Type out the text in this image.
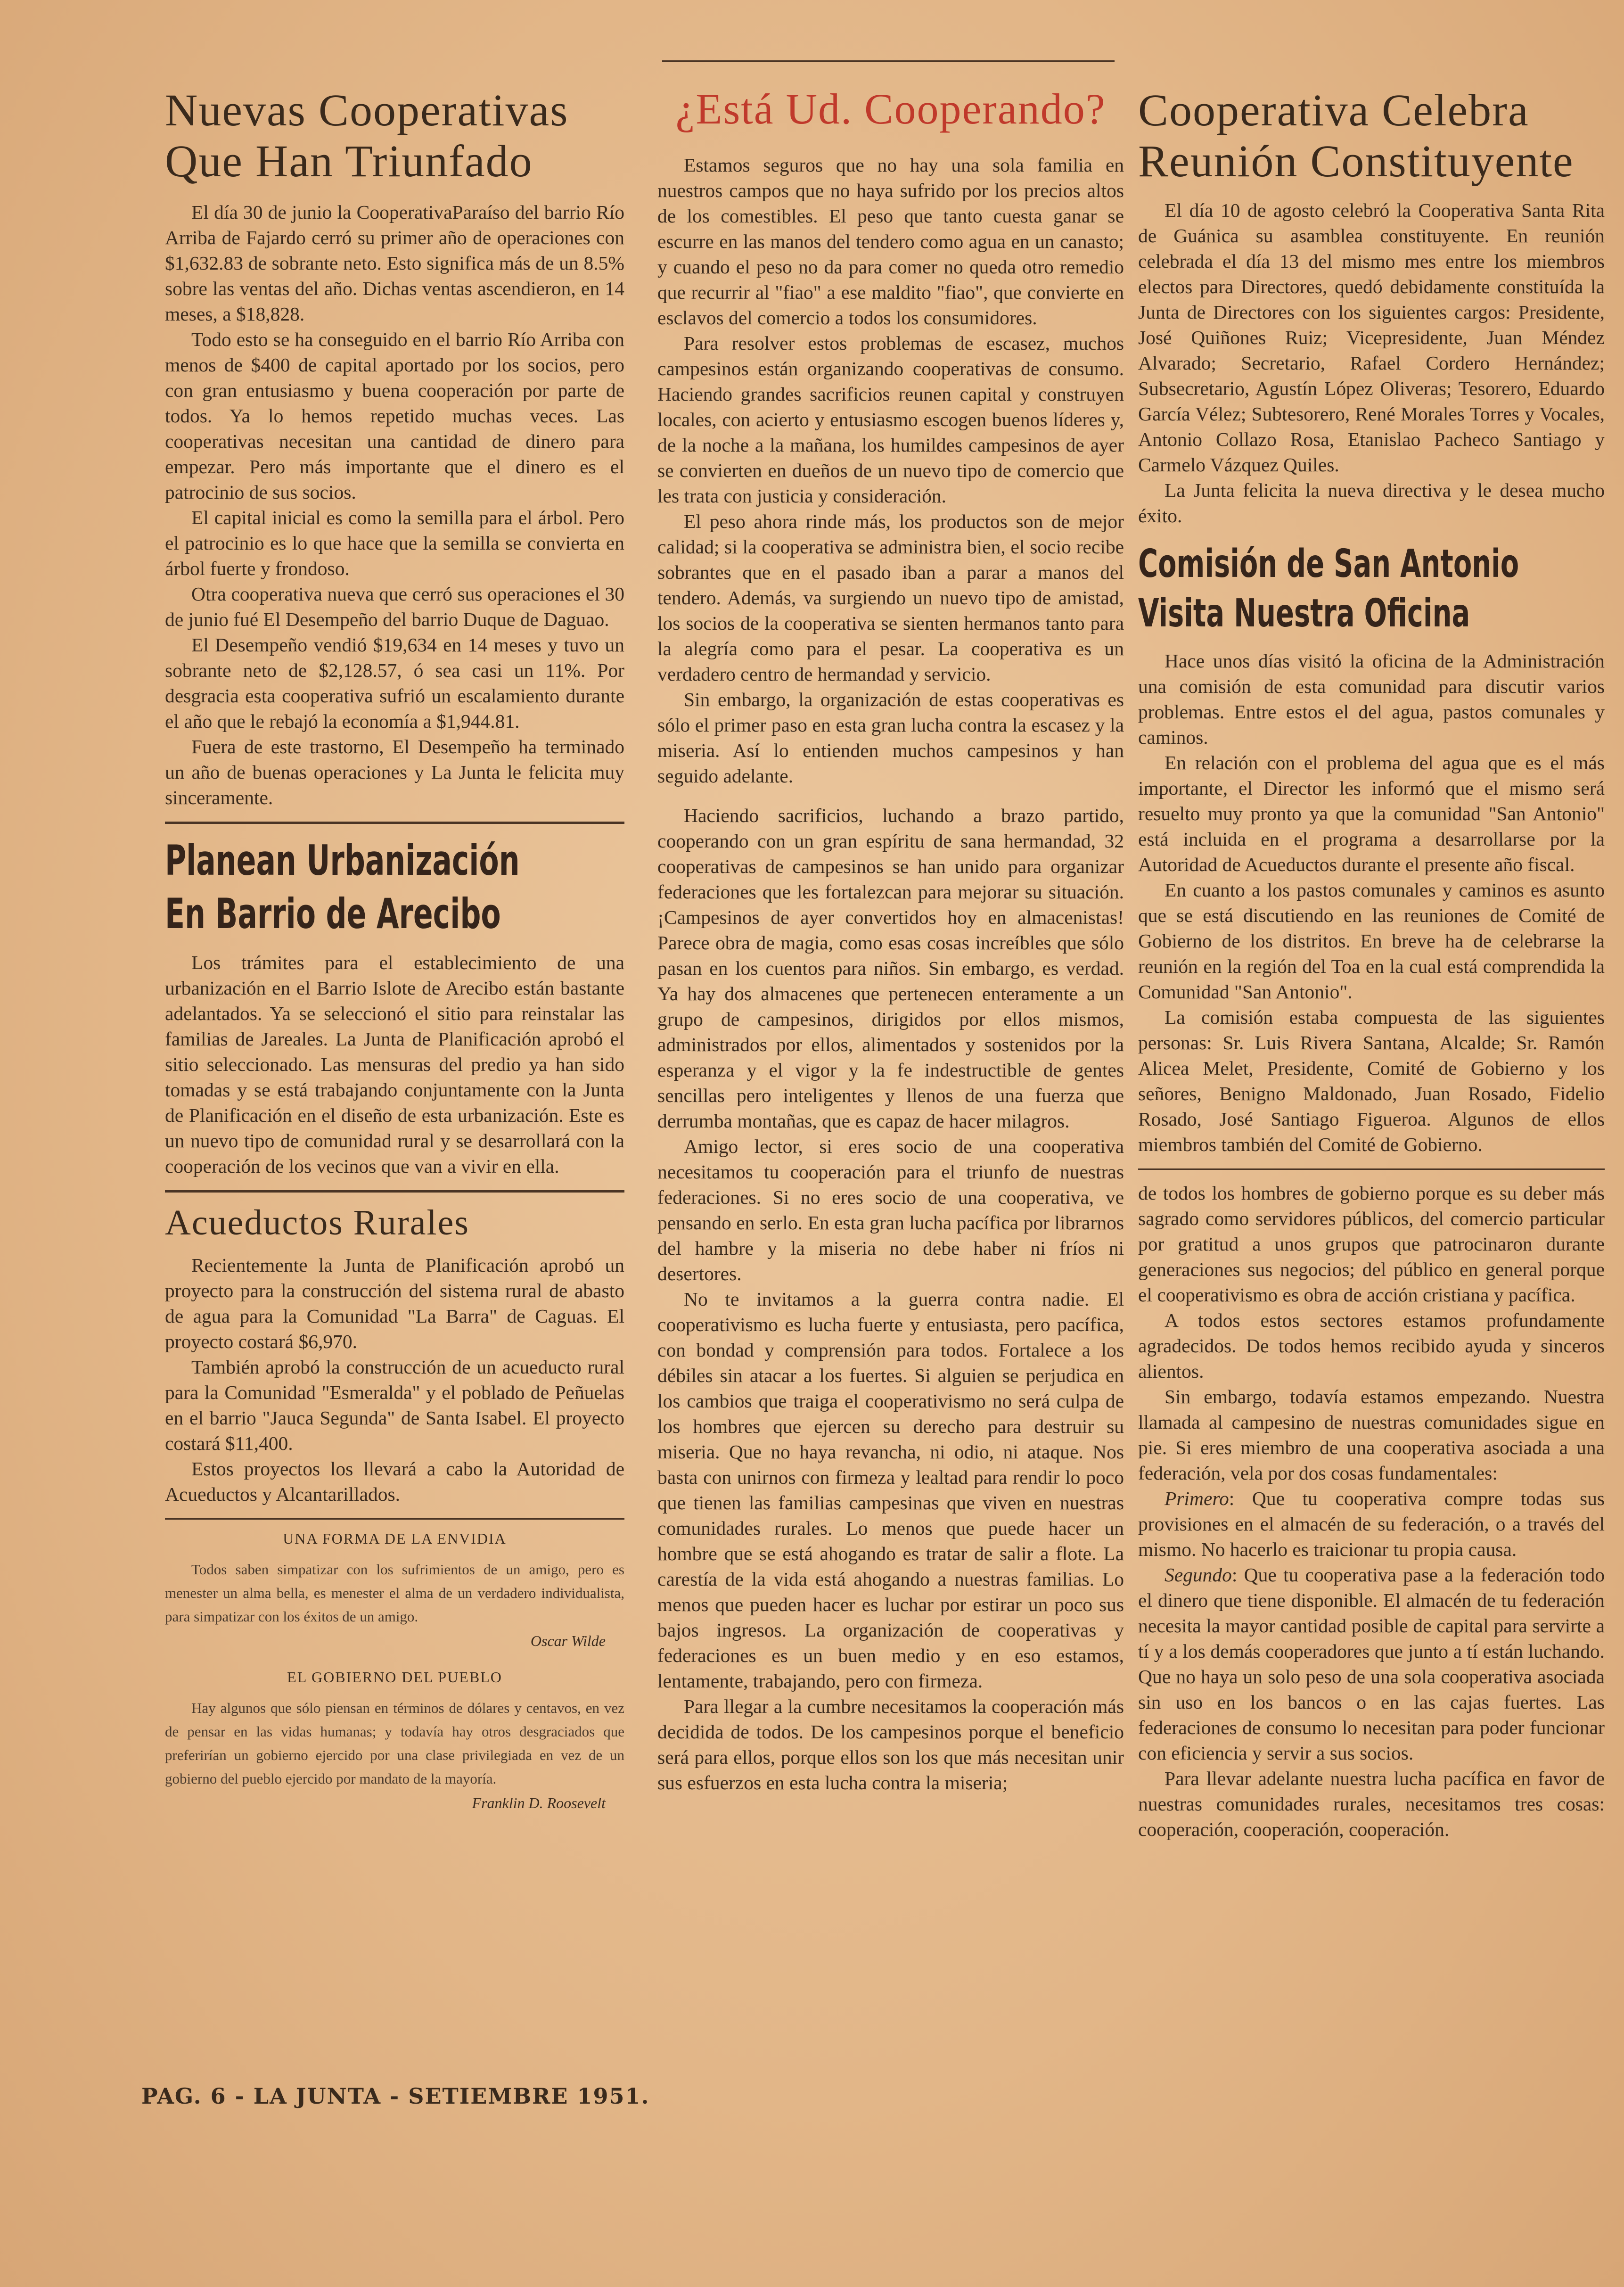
Nuevas Cooperativas
Que Han Triunfado

El día 30 de junio la CooperativaParaíso del barrio Río Arriba de Fajardo cerró su primer año de operaciones con $1,632.83 de sobrante neto. Esto significa más de un 8.5% sobre las ventas del año. Dichas ventas ascendieron, en 14 meses, a $18,828.

Todo esto se ha conseguido en el barrio Río Arriba con menos de $400 de capital aportado por los socios, pero con gran entusiasmo y buena cooperación por parte de todos. Ya lo hemos repetido muchas veces. Las cooperativas necesitan una cantidad de dinero para empezar. Pero más importante que el dinero es el patrocinio de sus socios.

El capital inicial es como la semilla para el árbol. Pero el patrocinio es lo que hace que la semilla se convierta en árbol fuerte y frondoso.

Otra cooperativa nueva que cerró sus operaciones el 30 de junio fué El Desempeño del barrio Duque de Daguao.

El Desempeño vendió $19,634 en 14 meses y tuvo un sobrante neto de $2,128.57, ó sea casi un 11%. Por desgracia esta cooperativa sufrió un escalamiento durante el año que le rebajó la economía a $1,944.81.

Fuera de este trastorno, El Desempeño ha terminado un año de buenas operaciones y La Junta le felicita muy sinceramente.

Planean Urbanización
En Barrio de Arecibo

Los trámites para el establecimiento de una urbanización en el Barrio Islote de Arecibo están bastante adelantados. Ya se seleccionó el sitio para reinstalar las familias de Jareales. La Junta de Planificación aprobó el sitio seleccionado. Las mensuras del predio ya han sido tomadas y se está trabajando conjuntamente con la Junta de Planificación en el diseño de esta urbanización. Este es un nuevo tipo de comunidad rural y se desarrollará con la cooperación de los vecinos que van a vivir en ella.

Acueductos Rurales

Recientemente la Junta de Planificación aprobó un proyecto para la construcción del sistema rural de abasto de agua para la Comunidad "La Barra" de Caguas. El proyecto costará $6,970.

También aprobó la construcción de un acueducto rural para la Comunidad "Esmeralda" y el poblado de Peñuelas en el barrio "Jauca Segunda" de Santa Isabel. El proyecto costará $11,400.

Estos proyectos los llevará a cabo la Autoridad de Acueductos y Alcantarillados.

UNA FORMA DE LA ENVIDIA

Todos saben simpatizar con los sufrimientos de un amigo, pero es menester un alma bella, es menester el alma de un verdadero individualista, para simpatizar con los éxitos de un amigo.

Oscar Wilde
EL GOBIERNO DEL PUEBLO

Hay algunos que sólo piensan en términos de dólares y centavos, en vez de pensar en las vidas humanas; y todavía hay otros desgraciados que preferirían un gobierno ejercido por una clase privilegiada en vez de un gobierno del pueblo ejercido por mandato de la mayoría.

Franklin D. Roosevelt
¿Está Ud. Cooperando?

Estamos seguros que no hay una sola familia en nuestros campos que no haya sufrido por los precios altos de los comestibles. El peso que tanto cuesta ganar se escurre en las manos del tendero como agua en un canasto; y cuando el peso no da para comer no queda otro remedio que recurrir al "fiao" a ese maldito "fiao", que convierte en esclavos del comercio a todos los consumidores.

Para resolver estos problemas de escasez, muchos campesinos están organizando cooperativas de consumo. Haciendo grandes sacrificios reunen capital y construyen locales, con acierto y entusiasmo escogen buenos líderes y, de la noche a la mañana, los humildes campesinos de ayer se convierten en dueños de un nuevo tipo de comercio que les trata con justicia y consideración.

El peso ahora rinde más, los productos son de mejor calidad; si la cooperativa se administra bien, el socio recibe sobrantes que en el pasado iban a parar a manos del tendero. Además, va surgiendo un nuevo tipo de amistad, los socios de la cooperativa se sienten hermanos tanto para la alegría como para el pesar. La cooperativa es un verdadero centro de hermandad y servicio.

Sin embargo, la organización de estas cooperativas es sólo el primer paso en esta gran lucha contra la escasez y la miseria. Así lo entienden muchos campesinos y han seguido adelante.

Haciendo sacrificios, luchando a brazo partido, cooperando con un gran espíritu de sana hermandad, 32 cooperativas de campesinos se han unido para organizar federaciones que les fortalezcan para mejorar su situación. ¡Campesinos de ayer convertidos hoy en almacenistas! Parece obra de magia, como esas cosas increíbles que sólo pasan en los cuentos para niños. Sin embargo, es verdad. Ya hay dos almacenes que pertenecen enteramente a un grupo de campesinos, dirigidos por ellos mismos, administrados por ellos, alimentados y sostenidos por la esperanza y el vigor y la fe indestructible de gentes sencillas pero inteligentes y llenos de una fuerza que derrumba montañas, que es capaz de hacer milagros.

Amigo lector, si eres socio de una cooperativa necesitamos tu cooperación para el triunfo de nuestras federaciones. Si no eres socio de una cooperativa, ve pensando en serlo. En esta gran lucha pacífica por librarnos del hambre y la miseria no debe haber ni fríos ni desertores.

No te invitamos a la guerra contra nadie. El cooperativismo es lucha fuerte y entusiasta, pero pacífica, con bondad y comprensión para todos. Fortalece a los débiles sin atacar a los fuertes. Si alguien se perjudica en los cambios que traiga el cooperativismo no será culpa de los hombres que ejercen su derecho para destruir su miseria. Que no haya revancha, ni odio, ni ataque. Nos basta con unirnos con firmeza y lealtad para rendir lo poco que tienen las familias campesinas que viven en nuestras comunidades rurales. Lo menos que puede hacer un hombre que se está ahogando es tratar de salir a flote. La carestía de la vida está ahogando a nuestras familias. Lo menos que pueden hacer es luchar por estirar un poco sus bajos ingresos. La organización de cooperativas y federaciones es un buen medio y en eso estamos, lentamente, trabajando, pero con firmeza.

Para llegar a la cumbre necesitamos la cooperación más decidida de todos. De los campesinos porque el beneficio será para ellos, porque ellos son los que más necesitan unir sus esfuerzos en esta lucha contra la miseria;

Cooperativa Celebra
Reunión Constituyente

El día 10 de agosto celebró la Cooperativa Santa Rita de Guánica su asamblea constituyente. En reunión celebrada el día 13 del mismo mes entre los miembros electos para Directores, quedó debidamente constituída la Junta de Directores con los siguientes cargos: Presidente, José Quiñones Ruiz; Vicepresidente, Juan Méndez Alvarado; Secretario, Rafael Cordero Hernández; Subsecretario, Agustín López Oliveras; Tesorero, Eduardo García Vélez; Subtesorero, René Morales Torres y Vocales, Antonio Collazo Rosa, Etanislao Pacheco Santiago y Carmelo Vázquez Quiles.

La Junta felicita la nueva directiva y le desea mucho éxito.

Comisión de San Antonio
Visita Nuestra Oficina

Hace unos días visitó la oficina de la Administración una comisión de esta comunidad para discutir varios problemas. Entre estos el del agua, pastos comunales y caminos.

En relación con el problema del agua que es el más importante, el Director les informó que el mismo será resuelto muy pronto ya que la comunidad "San Antonio" está incluida en el programa a desarrollarse por la Autoridad de Acueductos durante el presente año fiscal.

En cuanto a los pastos comunales y caminos es asunto que se está discutiendo en las reuniones de Comité de Gobierno de los distritos. En breve ha de celebrarse la reunión en la región del Toa en la cual está comprendida la Comunidad "San Antonio".

La comisión estaba compuesta de las siguientes personas: Sr. Luis Rivera Santana, Alcalde; Sr. Ramón Alicea Melet, Presidente, Comité de Gobierno y los señores, Benigno Maldonado, Juan Rosado, Fidelio Rosado, José Santiago Figueroa. Algunos de ellos miembros también del Comité de Gobierno.

de todos los hombres de gobierno porque es su deber más sagrado como servidores públicos, del comercio particular por gratitud a unos grupos que patrocinaron durante generaciones sus negocios; del público en general porque el cooperativismo es obra de acción cristiana y pacífica.

A todos estos sectores estamos profundamente agradecidos. De todos hemos recibido ayuda y sinceros alientos.

Sin embargo, todavía estamos empezando. Nuestra llamada al campesino de nuestras comunidades sigue en pie. Si eres miembro de una cooperativa asociada a una federación, vela por dos cosas fundamentales:

Primero: Que tu cooperativa compre todas sus provisiones en el almacén de su federación, o a través del mismo. No hacerlo es traicionar tu propia causa.

Segundo: Que tu cooperativa pase a la federación todo el dinero que tiene disponible. El almacén de tu federación necesita la mayor cantidad posible de capital para servirte a tí y a los demás cooperadores que junto a tí están luchando. Que no haya un solo peso de una sola cooperativa asociada sin uso en los bancos o en las cajas fuertes. Las federaciones de consumo lo necesitan para poder funcionar con eficiencia y servir a sus socios.

Para llevar adelante nuestra lucha pacífica en favor de nuestras comunidades rurales, necesitamos tres cosas: cooperación, cooperación, cooperación.

PAG. 6 - LA JUNTA - SETIEMBRE 1951.
